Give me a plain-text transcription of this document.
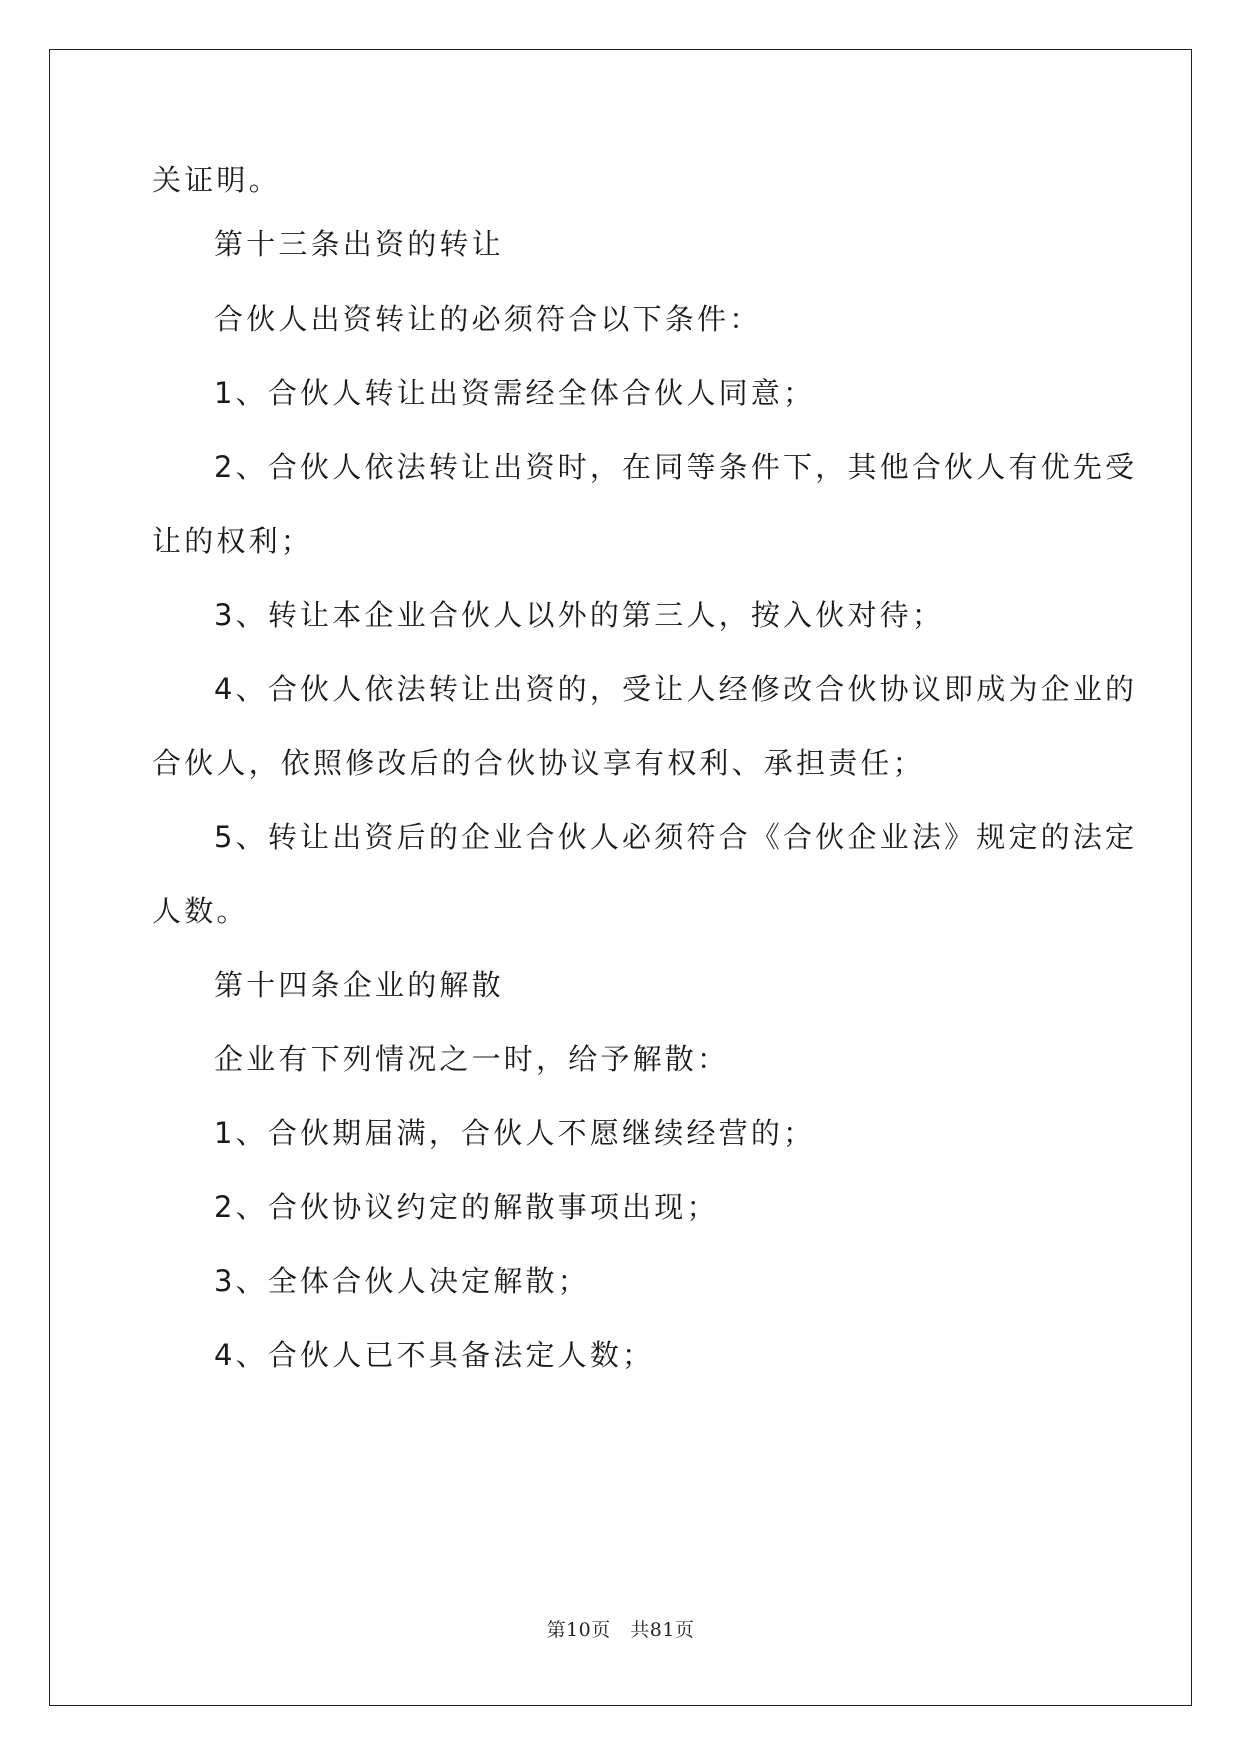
关证明。
第十三条出资的转让
合伙人出资转让的必须符合以下条件：
1、合伙人转让出资需经全体合伙人同意；
2、合伙人依法转让出资时，在同等条件下，其他合伙人有优先受
让的权利；
3、转让本企业合伙人以外的第三人，按入伙对待；
4、合伙人依法转让出资的，受让人经修改合伙协议即成为企业的
合伙人，依照修改后的合伙协议享有权利、承担责任；
5、转让出资后的企业合伙人必须符合《合伙企业法》规定的法定
人数。
第十四条企业的解散
企业有下列情况之一时，给予解散：
1、合伙期届满，合伙人不愿继续经营的；
2、合伙协议约定的解散事项出现；
3、全体合伙人决定解散；
4、合伙人已不具备法定人数；
第10页　共81页
